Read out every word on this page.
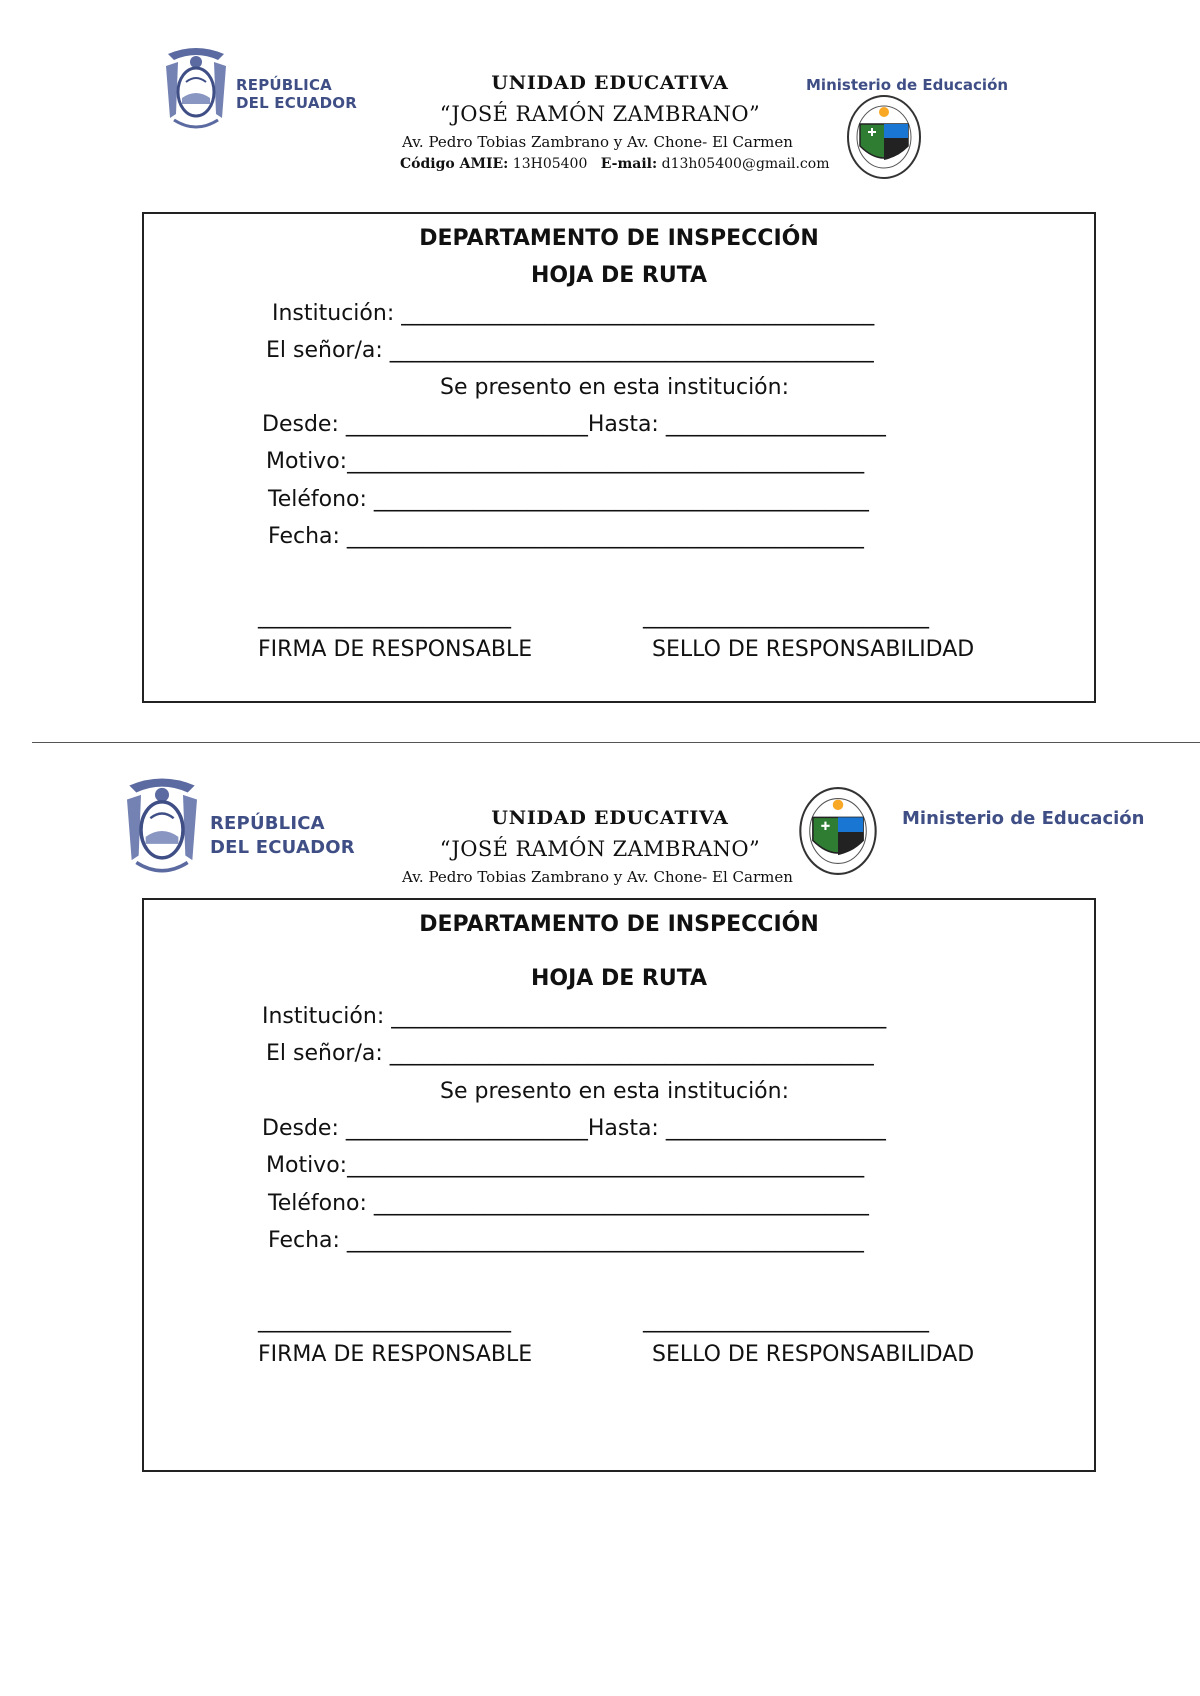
REPÚBLICA
DEL ECUADOR
UNIDAD EDUCATIVA
“JOSÉ RAMÓN ZAMBRANO”
Av. Pedro Tobias Zambrano y Av. Chone- El Carmen
Código AMIE: 13H05400 E-mail: d13h05400@gmail.com
Ministerio de Educación
DEPARTAMENTO DE INSPECCIÓN
HOJA DE RUTA
Institución: ___________________________________________
El señor/a: ____________________________________________
Se presento en esta institución:
Desde: ______________________Hasta: ____________________
Motivo:_______________________________________________
Teléfono: _____________________________________________
Fecha: _______________________________________________
_______________________	__________________________
FIRMA DE RESPONSABLE	SELLO DE RESPONSABILIDAD
REPÚBLICA
DEL ECUADOR
UNIDAD EDUCATIVA
“JOSÉ RAMÓN ZAMBRANO”
Av. Pedro Tobias Zambrano y Av. Chone- El Carmen
Ministerio de Educación
DEPARTAMENTO DE INSPECCIÓN
HOJA DE RUTA
Institución: _____________________________________________
El señor/a: ____________________________________________
Se presento en esta institución:
Desde: ______________________Hasta: ____________________
Motivo:_______________________________________________
Teléfono: _____________________________________________
Fecha: _______________________________________________
_______________________	__________________________
FIRMA DE RESPONSABLE	SELLO DE RESPONSABILIDAD
